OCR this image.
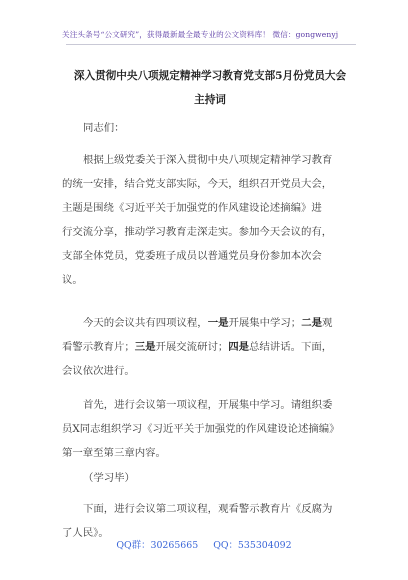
关注头条号“公文研究”，获得最新最全最专业的公文资料库！ 微信：gongwenyj
深入贯彻中央八项规定精神学习教育党支部5月份党员大会
主持词
同志们：
根据上级党委关于深入贯彻中央八项规定精神学习教育
的统一安排，结合党支部实际，今天，组织召开党员大会，
主题是围绕《习近平关于加强党的作风建设论述摘编》进
行交流分享，推动学习教育走深走实。参加今天会议的有，
支部全体党员，党委班子成员以普通党员身份参加本次会
议。
今天的会议共有四项议程，一是开展集中学习；二是观
看警示教育片；三是开展交流研讨；四是总结讲话。下面，
会议依次进行。
首先，进行会议第一项议程，开展集中学习。请组织委
员X同志组织学习《习近平关于加强党的作风建设论述摘编》
第一章至第三章内容。
（学习毕）
下面，进行会议第二项议程，观看警示教育片《反腐为
了人民》。
QQ群：30265665 QQ：535304092
